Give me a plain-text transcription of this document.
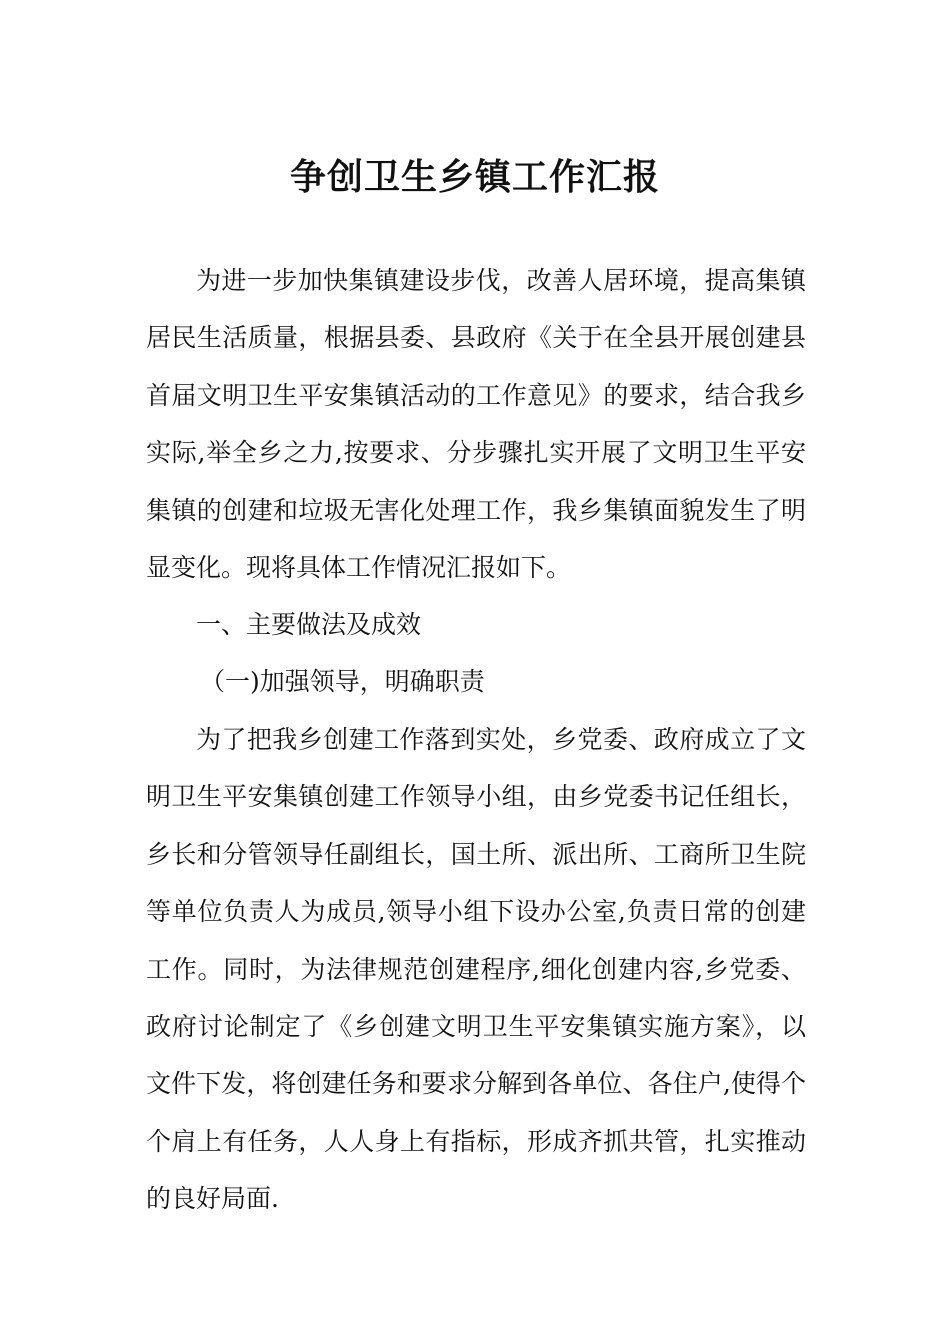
争创卫生乡镇工作汇报

为进一步加快集镇建设步伐，改善人居环境，提高集镇居民生活质量，根据县委、县政府《关于在全县开展创建县首届文明卫生平安集镇活动的工作意见》的要求，结合我乡实际,举全乡之力,按要求、分步骤扎实开展了文明卫生平安集镇的创建和垃圾无害化处理工作，我乡集镇面貌发生了明显变化。现将具体工作情况汇报如下。

一、主要做法及成效

（一)加强领导，明确职责

为了把我乡创建工作落到实处，乡党委、政府成立了文明卫生平安集镇创建工作领导小组，由乡党委书记任组长，乡长和分管领导任副组长，国土所、派出所、工商所卫生院等单位负责人为成员,领导小组下设办公室,负责日常的创建工作。同时，为法律规范创建程序,细化创建内容,乡党委、政府讨论制定了《乡创建文明卫生平安集镇实施方案》，以文件下发，将创建任务和要求分解到各单位、各住户,使得个个肩上有任务，人人身上有指标，形成齐抓共管，扎实推动的良好局面.
